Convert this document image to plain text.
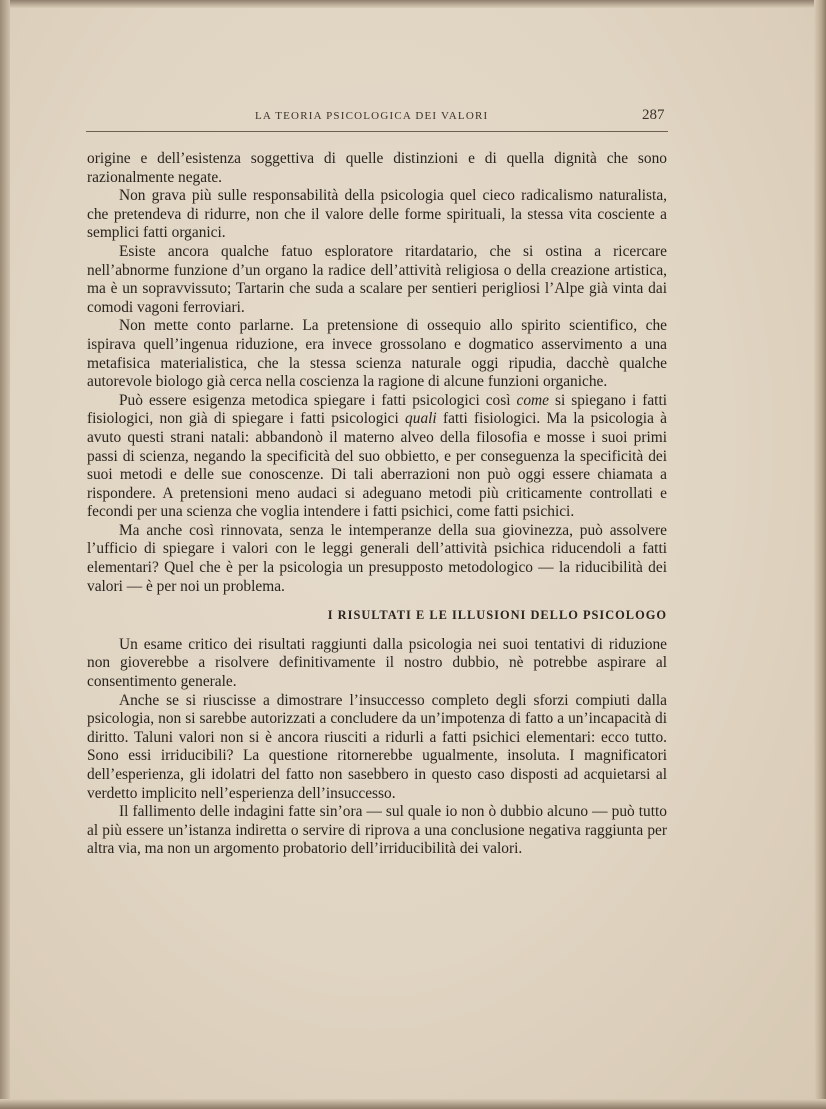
LA TEORIA PSICOLOGICA DEI VALORI	287

origine e dell’esistenza soggettiva di quelle distinzioni e di quella dignità che sono razionalmente negate.

Non grava più sulle responsabilità della psicologia quel cieco radicalismo naturalista, che pretendeva di ridurre, non che il valore delle forme spirituali, la stessa vita cosciente a semplici fatti organici.

Esiste ancora qualche fatuo esploratore ritardatario, che si ostina a ricercare nell’abnorme funzione d’un organo la radice dell’attività religiosa o della creazione artistica, ma è un sopravvissuto; Tartarin che suda a scalare per sentieri perigliosi l’Alpe già vinta dai comodi vagoni ferroviari.

Non mette conto parlarne. La pretensione di ossequio allo spirito scientifico, che ispirava quell’ingenua riduzione, era invece grossolano e dogmatico asservimento a una metafisica materialistica, che la stessa scienza naturale oggi ripudia, dacchè qualche autorevole biologo già cerca nella coscienza la ragione di alcune funzioni organiche.

Può essere esigenza metodica spiegare i fatti psicologici così come si spiegano i fatti fisiologici, non già di spiegare i fatti psicologici quali fatti fisiologici. Ma la psicologia à avuto questi strani natali: abbandonò il materno alveo della filosofia e mosse i suoi primi passi di scienza, negando la specificità del suo obbietto, e per conseguenza la specificità dei suoi metodi e delle sue conoscenze. Di tali aberrazioni non può oggi essere chiamata a rispondere. A pretensioni meno audaci si adeguano metodi più criticamente controllati e fecondi per una scienza che voglia intendere i fatti psichici, come fatti psichici.

Ma anche così rinnovata, senza le intemperanze della sua giovinezza, può assolvere l’ufficio di spiegare i valori con le leggi generali dell’attività psichica riducendoli a fatti elementari? Quel che è per la psicologia un presupposto metodologico — la riducibilità dei valori — è per noi un problema.

I RISULTATI E LE ILLUSIONI DELLO PSICOLOGO

Un esame critico dei risultati raggiunti dalla psicologia nei suoi tentativi di riduzione non gioverebbe a risolvere definitivamente il nostro dubbio, nè potrebbe aspirare al consentimento generale.

Anche se si riuscisse a dimostrare l’insuccesso completo degli sforzi compiuti dalla psicologia, non si sarebbe autorizzati a concludere da un’impotenza di fatto a un’incapacità di diritto. Taluni valori non si è ancora riusciti a ridurli a fatti psichici elementari: ecco tutto. Sono essi irriducibili? La questione ritornerebbe ugualmente, insoluta. I magnificatori dell’esperienza, gli idolatri del fatto non sasebbero in questo caso disposti ad acquietarsi al verdetto implicito nell’esperienza dell’insuccesso.

Il fallimento delle indagini fatte sin’ora — sul quale io non ò dubbio alcuno — può tutto al più essere un’istanza indiretta o servire di riprova a una conclusione negativa raggiunta per altra via, ma non un argomento probatorio dell’irriducibilità dei valori.
